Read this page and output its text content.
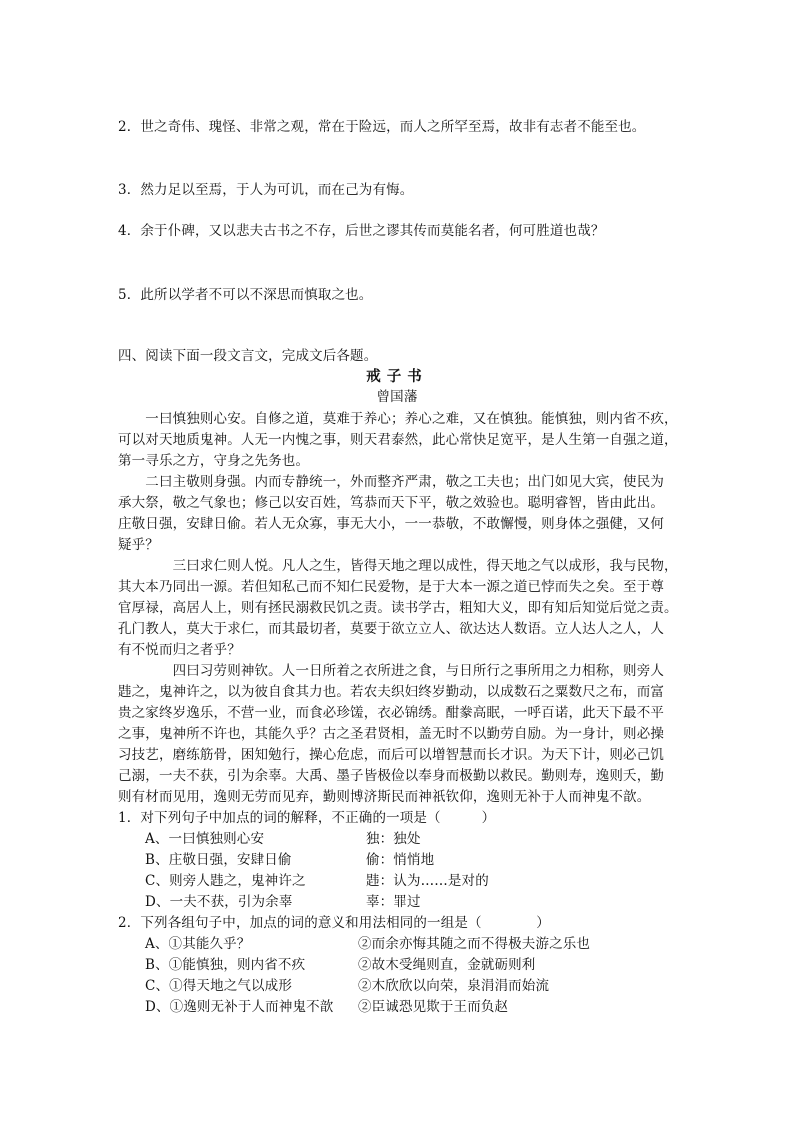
2．世之奇伟、瑰怪、非常之观，常在于险远，而人之所罕至焉，故非有志者不能至也。
3．然力足以至焉，于人为可讥，而在己为有悔。
4．余于仆碑，又以悲夫古书之不存，后世之谬其传而莫能名者，何可胜道也哉？
5．此所以学者不可以不深思而慎取之也。
四、阅读下面一段文言文，完成文后各题。
戒子书
曾国藩
　　一曰慎独则心安。自修之道，莫难于养心；养心之难，又在慎独。能慎独，则内省不疚，
可以对天地质鬼神。人无一内愧之事，则天君泰然，此心常快足宽平，是人生第一自强之道，
第一寻乐之方，守身之先务也。
　　二曰主敬则身强。内而专静统一，外而整齐严肃，敬之工夫也；出门如见大宾，使民为
承大祭，敬之气象也；修己以安百姓，笃恭而天下平，敬之效验也。聪明睿智，皆由此出。
庄敬日强，安肆日偷。若人无众寡，事无大小，一一恭敬，不敢懈慢，则身体之强健，又何
疑乎？
　　　　三曰求仁则人悦。凡人之生，皆得天地之理以成性，得天地之气以成形，我与民物，
其大本乃同出一源。若但知私己而不知仁民爱物，是于大本一源之道已悖而失之矣。至于尊
官厚禄，高居人上，则有拯民溺救民饥之责。读书学古，粗知大义，即有知后知觉后觉之责。
孔门教人，莫大于求仁，而其最切者，莫要于欲立立人、欲达达人数语。立人达人之人，人
有不悦而归之者乎？
　　　　四曰习劳则神钦。人一日所着之衣所进之食，与日所行之事所用之力相称，则旁人
韪之，鬼神许之，以为彼自食其力也。若农夫织妇终岁勤动，以成数石之粟数尺之布，而富
贵之家终岁逸乐，不营一业，而食必珍馐，衣必锦绣。酣豢高眠，一呼百诺，此天下最不平
之事，鬼神所不许也，其能久乎？古之圣君贤相，盖无时不以勤劳自励。为一身计，则必操
习技艺，磨练筋骨，困知勉行，操心危虑，而后可以增智慧而长才识。为天下计，则必己饥
己溺，一夫不获，引为余辜。大禹、墨子皆极俭以奉身而极勤以救民。勤则寿，逸则夭，勤
则有材而见用，逸则无劳而见弃，勤则博济斯民而神祇钦仰，逸则无补于人而神鬼不歆。
1．对下列句子中加点的词的解释，不正确的一项是（　　　）
A、一曰慎独则心安	独：独处
B、庄敬日强，安肆日偷	偷：悄悄地
C、则旁人韪之，鬼神许之	韪：认为……是对的
D、一夫不获，引为余辜	辜：罪过
2．下列各组句子中，加点的词的意义和用法相同的一组是（　　　　）
A、①其能久乎？	②而余亦悔其随之而不得极夫游之乐也
B、①能慎独，则内省不疚	②故木受绳则直，金就砺则利
C、①得天地之气以成形	②木欣欣以向荣，泉涓涓而始流
D、①逸则无补于人而神鬼不歆 ②臣诚恐见欺于王而负赵
